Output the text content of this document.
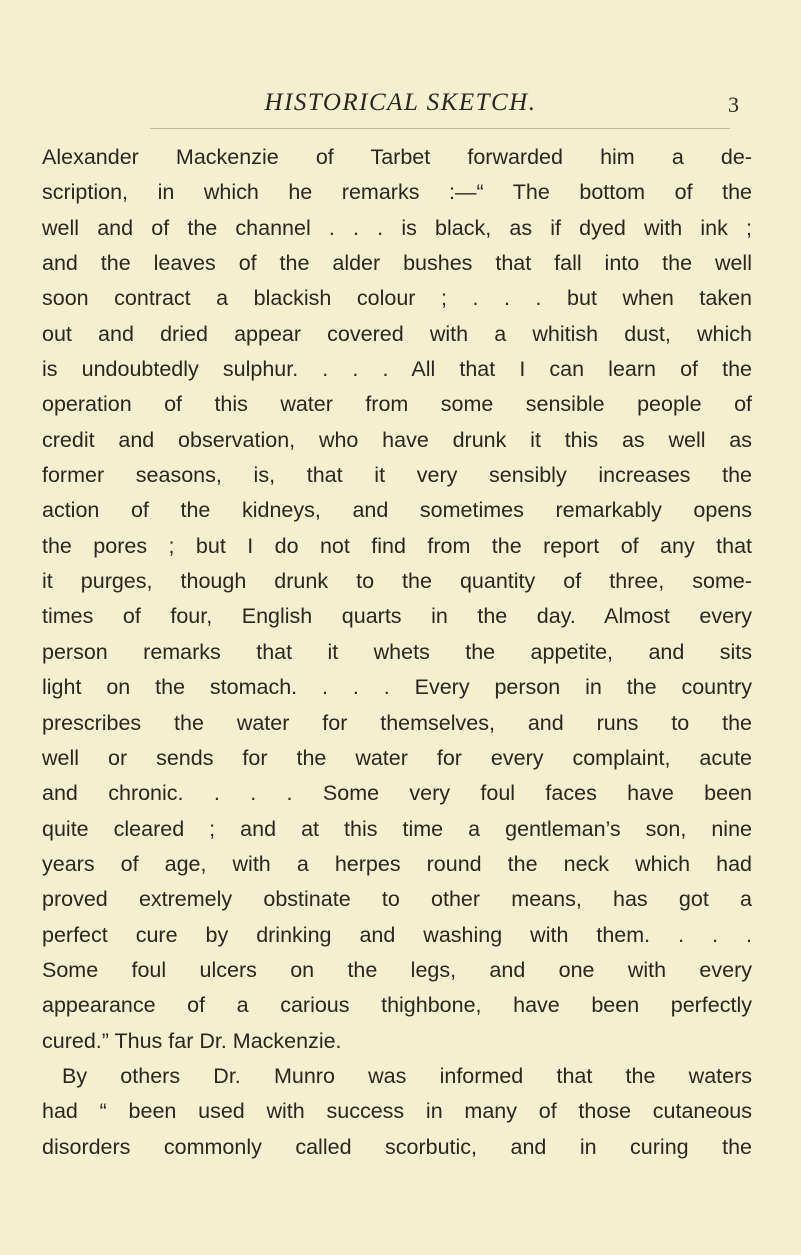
HISTORICAL SKETCH.	3
Alexander Mackenzie of Tarbet forwarded him a de-
scription, in which he remarks :—“ The bottom of the
well and of the channel . . . is black, as if dyed with ink ;
and the leaves of the alder bushes that fall into the well
soon contract a blackish colour ; . . . but when taken
out and dried appear covered with a whitish dust, which
is undoubtedly sulphur. . . . All that I can learn of the
operation of this water from some sensible people of
credit and observation, who have drunk it this as well as
former seasons, is, that it very sensibly increases the
action of the kidneys, and sometimes remarkably opens
the pores ; but I do not find from the report of any that
it purges, though drunk to the quantity of three, some-
times of four, English quarts in the day. Almost every
person remarks that it whets the appetite, and sits
light on the stomach. . . . Every person in the country
prescribes the water for themselves, and runs to the
well or sends for the water for every complaint, acute
and chronic. . . . Some very foul faces have been
quite cleared ; and at this time a gentleman’s son, nine
years of age, with a herpes round the neck which had
proved extremely obstinate to other means, has got a
perfect cure by drinking and washing with them. . . .
Some foul ulcers on the legs, and one with every
appearance of a carious thighbone, have been perfectly
cured.” Thus far Dr. Mackenzie.
By others Dr. Munro was informed that the waters
had “ been used with success in many of those cutaneous
disorders commonly called scorbutic, and in curing the
